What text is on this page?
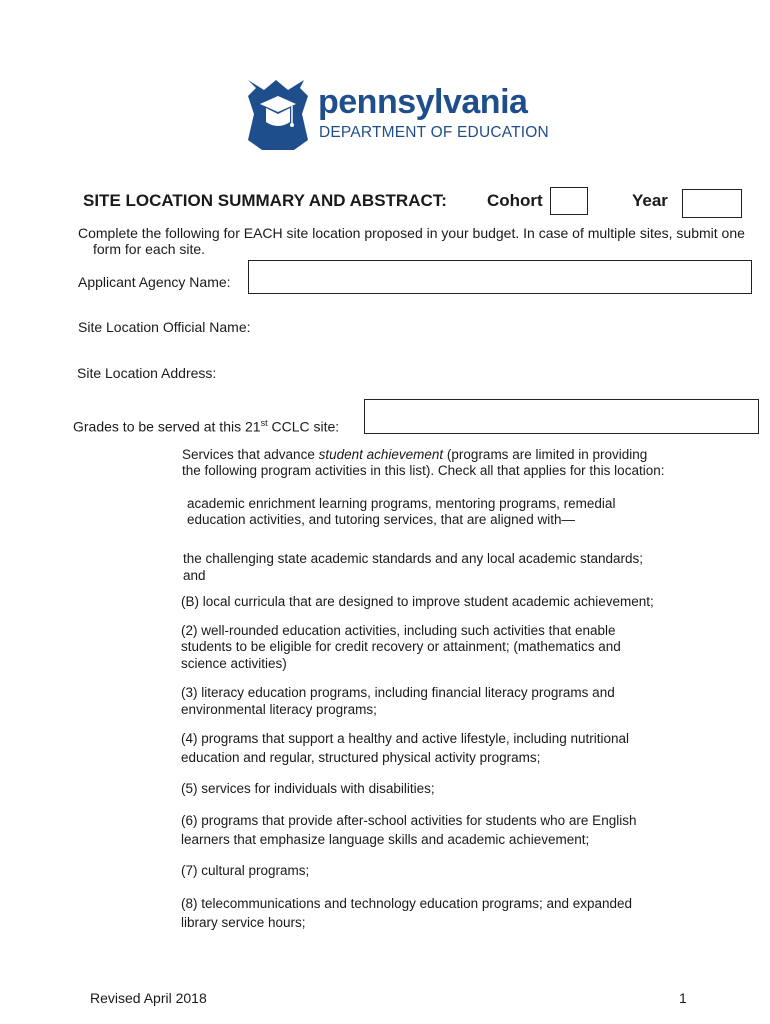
pennsylvania
DEPARTMENT OF EDUCATION
SITE LOCATION SUMMARY AND ABSTRACT: Cohort	Year
Complete the following for EACH site location proposed in your budget. In case of multiple sites, submit one
form for each site.
Applicant Agency Name:
Site Location Official Name:
Site Location Address:
Grades to be served at this 21st CCLC site:
Services that advance student achievement (programs are limited in providing
the following program activities in this list). Check all that applies for this location:
academic enrichment learning programs, mentoring programs, remedial
education activities, and tutoring services, that are aligned with—
the challenging state academic standards and any local academic standards;
and
(B) local curricula that are designed to improve student academic achievement;
(2) well-rounded education activities, including such activities that enable
students to be eligible for credit recovery or attainment; (mathematics and
science activities)
(3) literacy education programs, including financial literacy programs and
environmental literacy programs;
(4) programs that support a healthy and active lifestyle, including nutritional
education and regular, structured physical activity programs;
(5) services for individuals with disabilities;
(6) programs that provide after-school activities for students who are English
learners that emphasize language skills and academic achievement;
(7) cultural programs;
(8) telecommunications and technology education programs; and expanded
library service hours;
Revised April 2018	1
